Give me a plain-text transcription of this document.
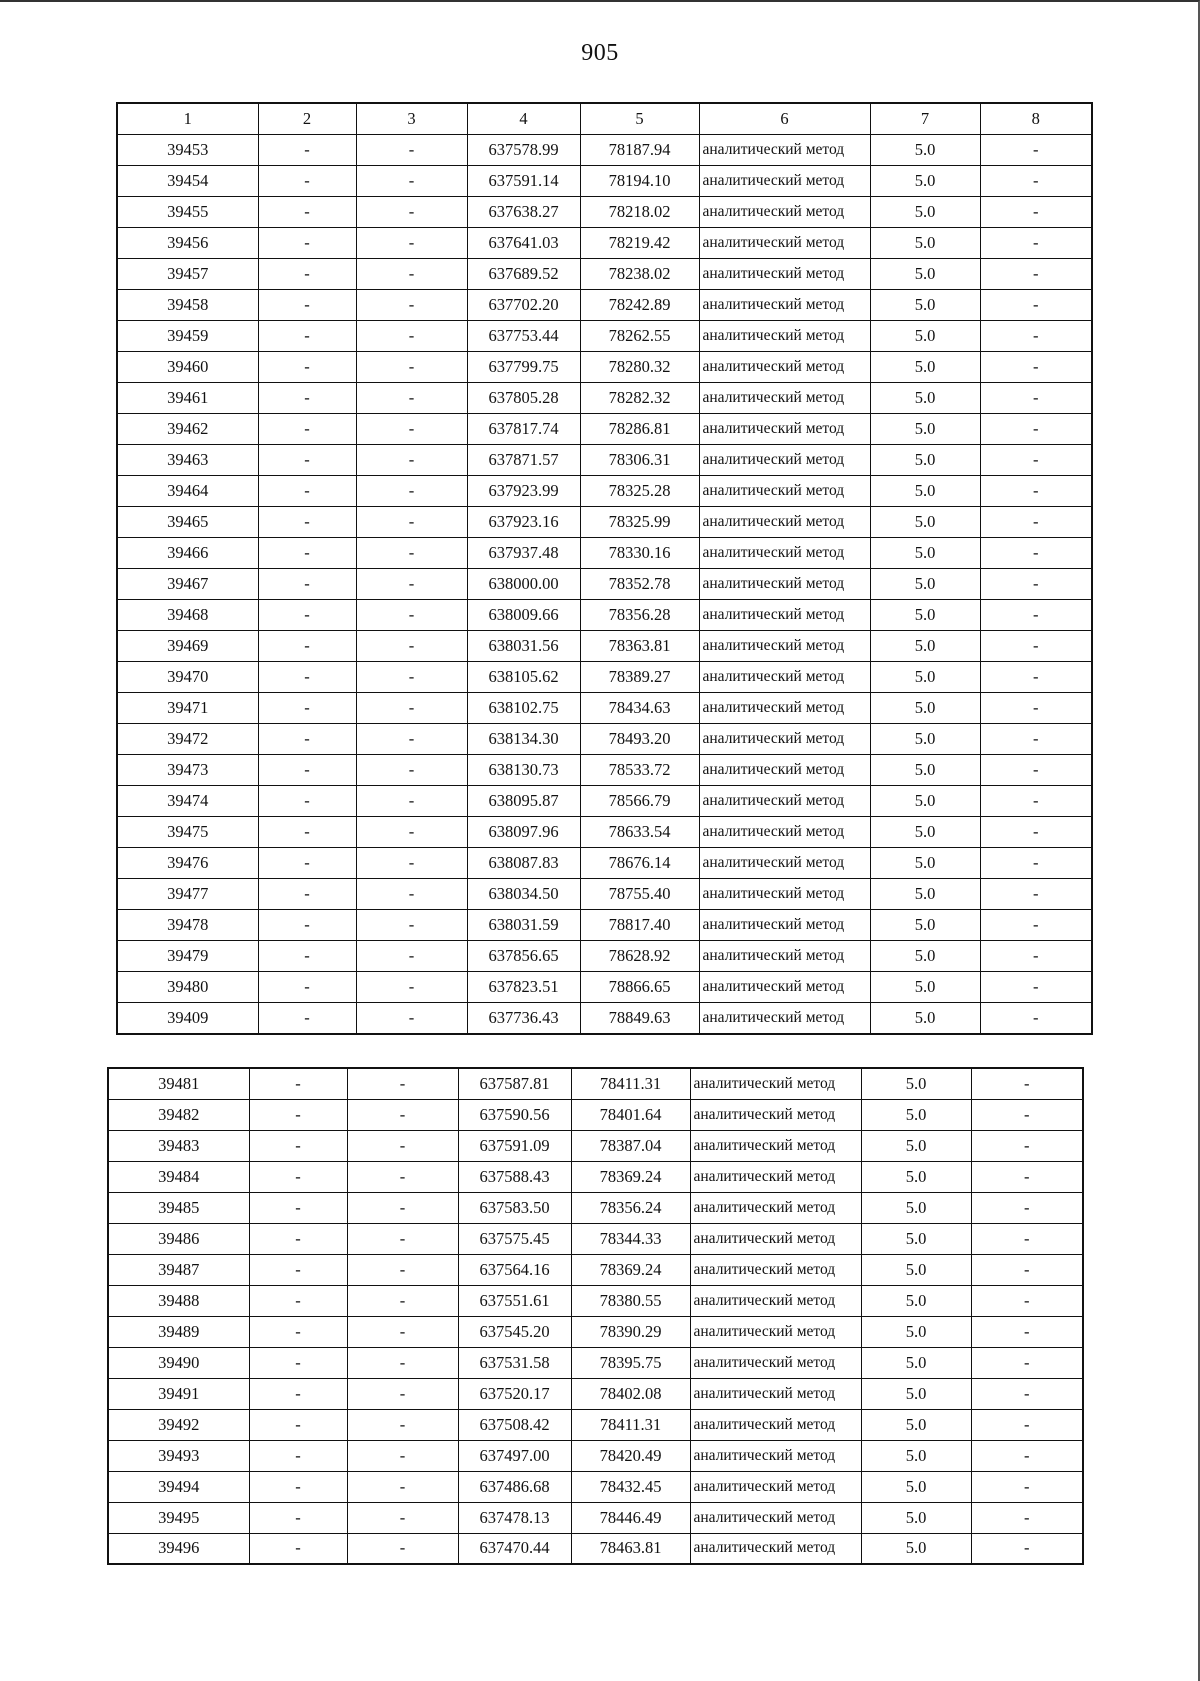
905
1	2	3	4	5	6	7	8
39453	-	-	637578.99	78187.94	аналитический метод	5.0	-
39454	-	-	637591.14	78194.10	аналитический метод	5.0	-
39455	-	-	637638.27	78218.02	аналитический метод	5.0	-
39456	-	-	637641.03	78219.42	аналитический метод	5.0	-
39457	-	-	637689.52	78238.02	аналитический метод	5.0	-
39458	-	-	637702.20	78242.89	аналитический метод	5.0	-
39459	-	-	637753.44	78262.55	аналитический метод	5.0	-
39460	-	-	637799.75	78280.32	аналитический метод	5.0	-
39461	-	-	637805.28	78282.32	аналитический метод	5.0	-
39462	-	-	637817.74	78286.81	аналитический метод	5.0	-
39463	-	-	637871.57	78306.31	аналитический метод	5.0	-
39464	-	-	637923.99	78325.28	аналитический метод	5.0	-
39465	-	-	637923.16	78325.99	аналитический метод	5.0	-
39466	-	-	637937.48	78330.16	аналитический метод	5.0	-
39467	-	-	638000.00	78352.78	аналитический метод	5.0	-
39468	-	-	638009.66	78356.28	аналитический метод	5.0	-
39469	-	-	638031.56	78363.81	аналитический метод	5.0	-
39470	-	-	638105.62	78389.27	аналитический метод	5.0	-
39471	-	-	638102.75	78434.63	аналитический метод	5.0	-
39472	-	-	638134.30	78493.20	аналитический метод	5.0	-
39473	-	-	638130.73	78533.72	аналитический метод	5.0	-
39474	-	-	638095.87	78566.79	аналитический метод	5.0	-
39475	-	-	638097.96	78633.54	аналитический метод	5.0	-
39476	-	-	638087.83	78676.14	аналитический метод	5.0	-
39477	-	-	638034.50	78755.40	аналитический метод	5.0	-
39478	-	-	638031.59	78817.40	аналитический метод	5.0	-
39479	-	-	637856.65	78628.92	аналитический метод	5.0	-
39480	-	-	637823.51	78866.65	аналитический метод	5.0	-
39409	-	-	637736.43	78849.63	аналитический метод	5.0	-
39481	-	-	637587.81	78411.31	аналитический метод	5.0	-
39482	-	-	637590.56	78401.64	аналитический метод	5.0	-
39483	-	-	637591.09	78387.04	аналитический метод	5.0	-
39484	-	-	637588.43	78369.24	аналитический метод	5.0	-
39485	-	-	637583.50	78356.24	аналитический метод	5.0	-
39486	-	-	637575.45	78344.33	аналитический метод	5.0	-
39487	-	-	637564.16	78369.24	аналитический метод	5.0	-
39488	-	-	637551.61	78380.55	аналитический метод	5.0	-
39489	-	-	637545.20	78390.29	аналитический метод	5.0	-
39490	-	-	637531.58	78395.75	аналитический метод	5.0	-
39491	-	-	637520.17	78402.08	аналитический метод	5.0	-
39492	-	-	637508.42	78411.31	аналитический метод	5.0	-
39493	-	-	637497.00	78420.49	аналитический метод	5.0	-
39494	-	-	637486.68	78432.45	аналитический метод	5.0	-
39495	-	-	637478.13	78446.49	аналитический метод	5.0	-
39496	-	-	637470.44	78463.81	аналитический метод	5.0	-
